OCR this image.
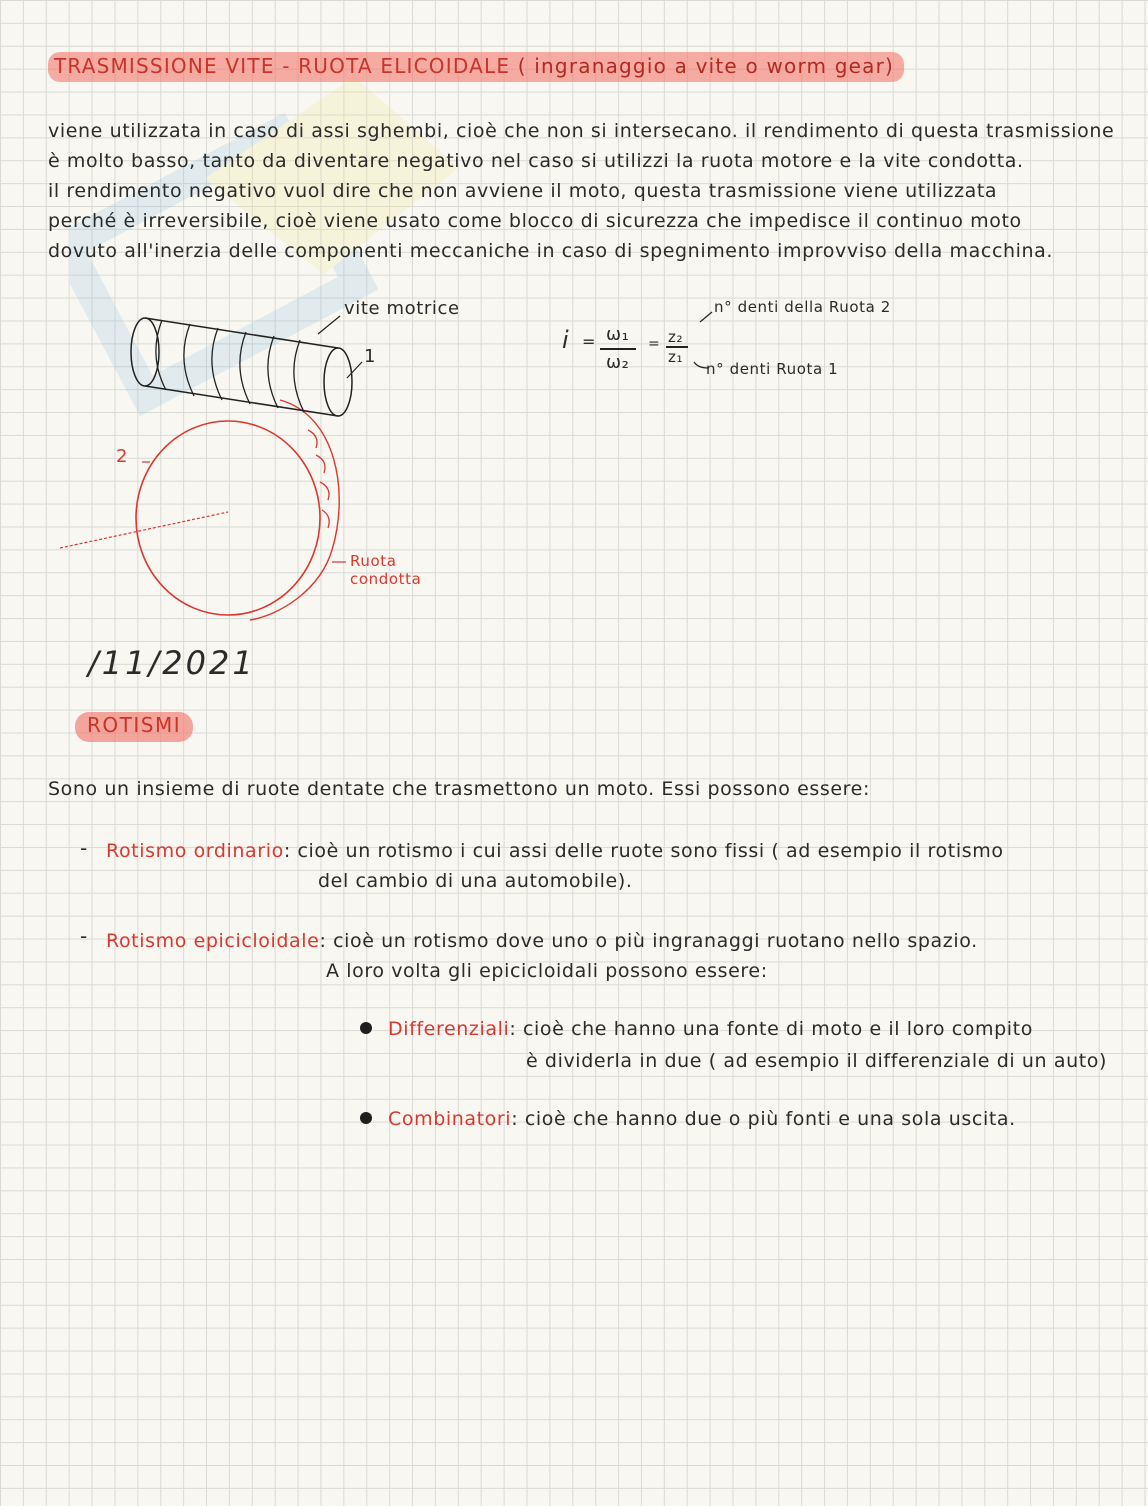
TRASMISSIONE VITE - RUOTA ELICOIDALE ( ingranaggio a vite o worm gear)
viene utilizzata in caso di assi sghembi, cioè che non si intersecano. il rendimento di questa trasmissione
è molto basso, tanto da diventare negativo nel caso si utilizzi la ruota motore e la vite condotta.
il rendimento negativo vuol dire che non avviene il moto, questa trasmissione viene utilizzata
perché è irreversibile, cioè viene usato come blocco di sicurezza che impedisce il continuo moto
dovuto all'inerzia delle componenti meccaniche in caso di spegnimento improvviso della macchina.
vite motrice
1
2
Ruota
condotta
i = ω₁
ω₂
= z₂
z₁
n° denti della Ruota 2
n° denti Ruota 1
/11/2021
ROTISMI
Sono un insieme di ruote dentate che trasmettono un moto. Essi possono essere:
- Rotismo ordinario: cioè un rotismo i cui assi delle ruote sono fissi ( ad esempio il rotismo
del cambio di una automobile).
- Rotismo epicicloidale: cioè un rotismo dove uno o più ingranaggi ruotano nello spazio.
A loro volta gli epicicloidali possono essere:
Differenziali: cioè che hanno una fonte di moto e il loro compito
è dividerla in due ( ad esempio il differenziale di un auto)
Combinatori: cioè che hanno due o più fonti e una sola uscita.
